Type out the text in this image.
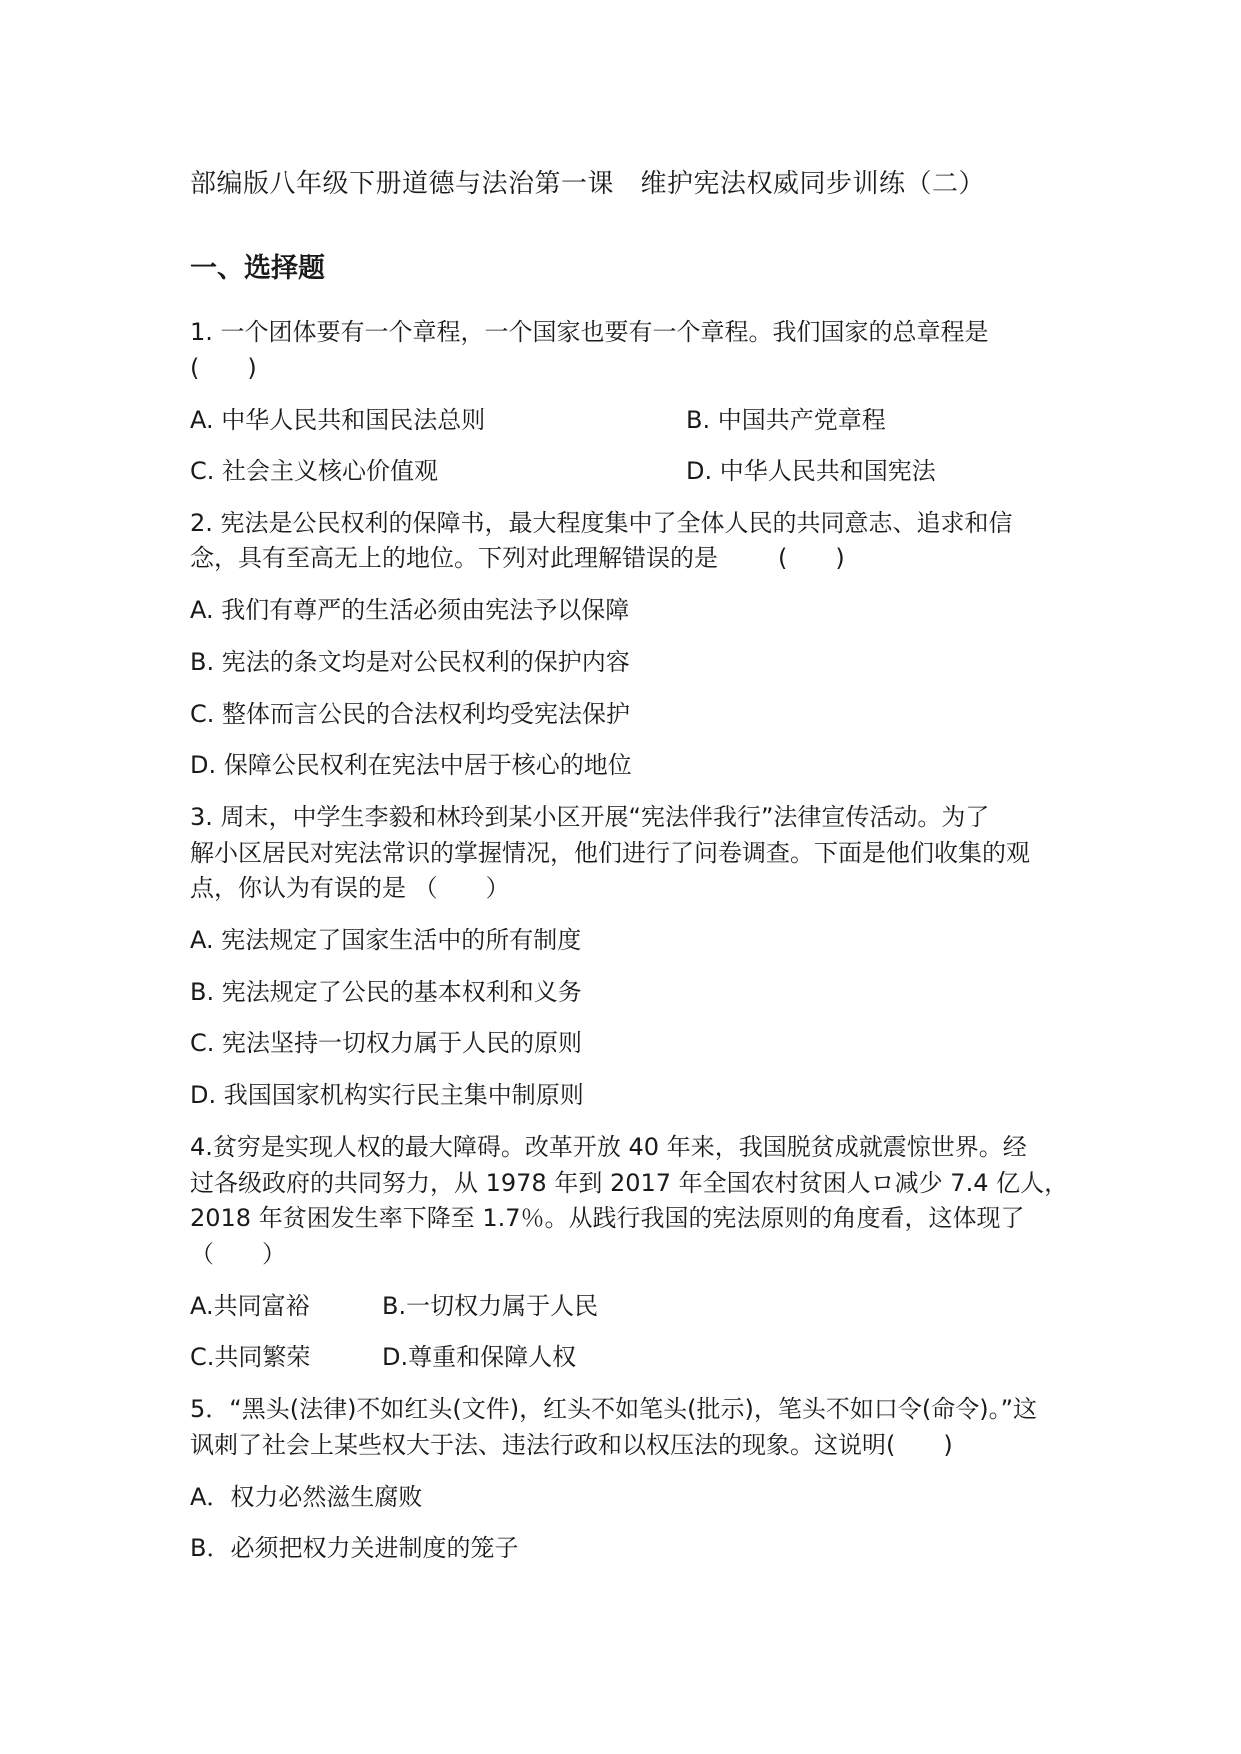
部编版八年级下册道德与法治第一课　维护宪法权威同步训练（二）
一、选择题
1. 一个团体要有一个章程，一个国家也要有一个章程。我们国家的总章程是
(　　)
A. 中华人民共和国民法总则	B. 中国共产党章程
C. 社会主义核心价值观	D. 中华人民共和国宪法
2. 宪法是公民权利的保障书，最大程度集中了全体人民的共同意志、追求和信
念，具有至高无上的地位。下列对此理解错误的是	(　　)
A. 我们有尊严的生活必须由宪法予以保障
B. 宪法的条文均是对公民权利的保护内容
C. 整体而言公民的合法权利均受宪法保护
D. 保障公民权利在宪法中居于核心的地位
3. 周末，中学生李毅和林玲到某小区开展“宪法伴我行”法律宣传活动。为了
解小区居民对宪法常识的掌握情况，他们进行了问卷调查。下面是他们收集的观
点，你认为有误的是 （　　）
A. 宪法规定了国家生活中的所有制度
B. 宪法规定了公民的基本权利和义务
C. 宪法坚持一切权力属于人民的原则
D. 我国国家机构实行民主集中制原则
4.贫穷是实现人权的最大障碍。改革开放 40 年来，我国脱贫成就震惊世界。经
过各级政府的共同努力，从 1978 年到 2017 年全国农村贫困人ロ减少 7.4 亿人，
2018 年贫困发生率下降至 1.7％。从践行我国的宪法原则的角度看，这体现了
（　　）
A.共同富裕	B.一切权力属于人民
C.共同繁荣	D.尊重和保障人权
5．“黑头(法律)不如红头(文件)，红头不如笔头(批示)，笔头不如口令(命令)。”这
讽刺了社会上某些权大于法、违法行政和以权压法的现象。这说明(　　)
A．权力必然滋生腐败
B．必须把权力关进制度的笼子
